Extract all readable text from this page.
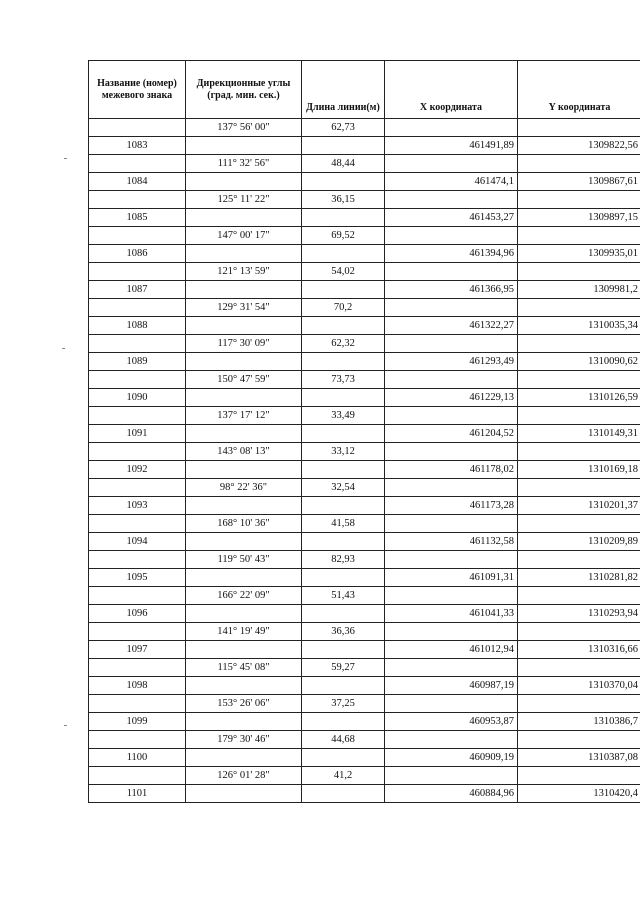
Название (номер) межевого знака	Дирекционные углы (град. мин. сек.)	Длина линии(м)	X координата	Y координата
	137° 56' 00"	62,73		
1083			461491,89	1309822,56
	111° 32' 56"	48,44		
1084			461474,1	1309867,61
	125° 11' 22"	36,15		
1085			461453,27	1309897,15
	147° 00' 17"	69,52		
1086			461394,96	1309935,01
	121° 13' 59"	54,02		
1087			461366,95	1309981,2
	129° 31' 54"	70,2		
1088			461322,27	1310035,34
	117° 30' 09"	62,32		
1089			461293,49	1310090,62
	150° 47' 59"	73,73		
1090			461229,13	1310126,59
	137° 17' 12"	33,49		
1091			461204,52	1310149,31
	143° 08' 13"	33,12		
1092			461178,02	1310169,18
	98° 22' 36"	32,54		
1093			461173,28	1310201,37
	168° 10' 36"	41,58		
1094			461132,58	1310209,89
	119° 50' 43"	82,93		
1095			461091,31	1310281,82
	166° 22' 09"	51,43		
1096			461041,33	1310293,94
	141° 19' 49"	36,36		
1097			461012,94	1310316,66
	115° 45' 08"	59,27		
1098			460987,19	1310370,04
	153° 26' 06"	37,25		
1099			460953,87	1310386,7
	179° 30' 46"	44,68		
1100			460909,19	1310387,08
	126° 01' 28"	41,2		
1101			460884,96	1310420,4
